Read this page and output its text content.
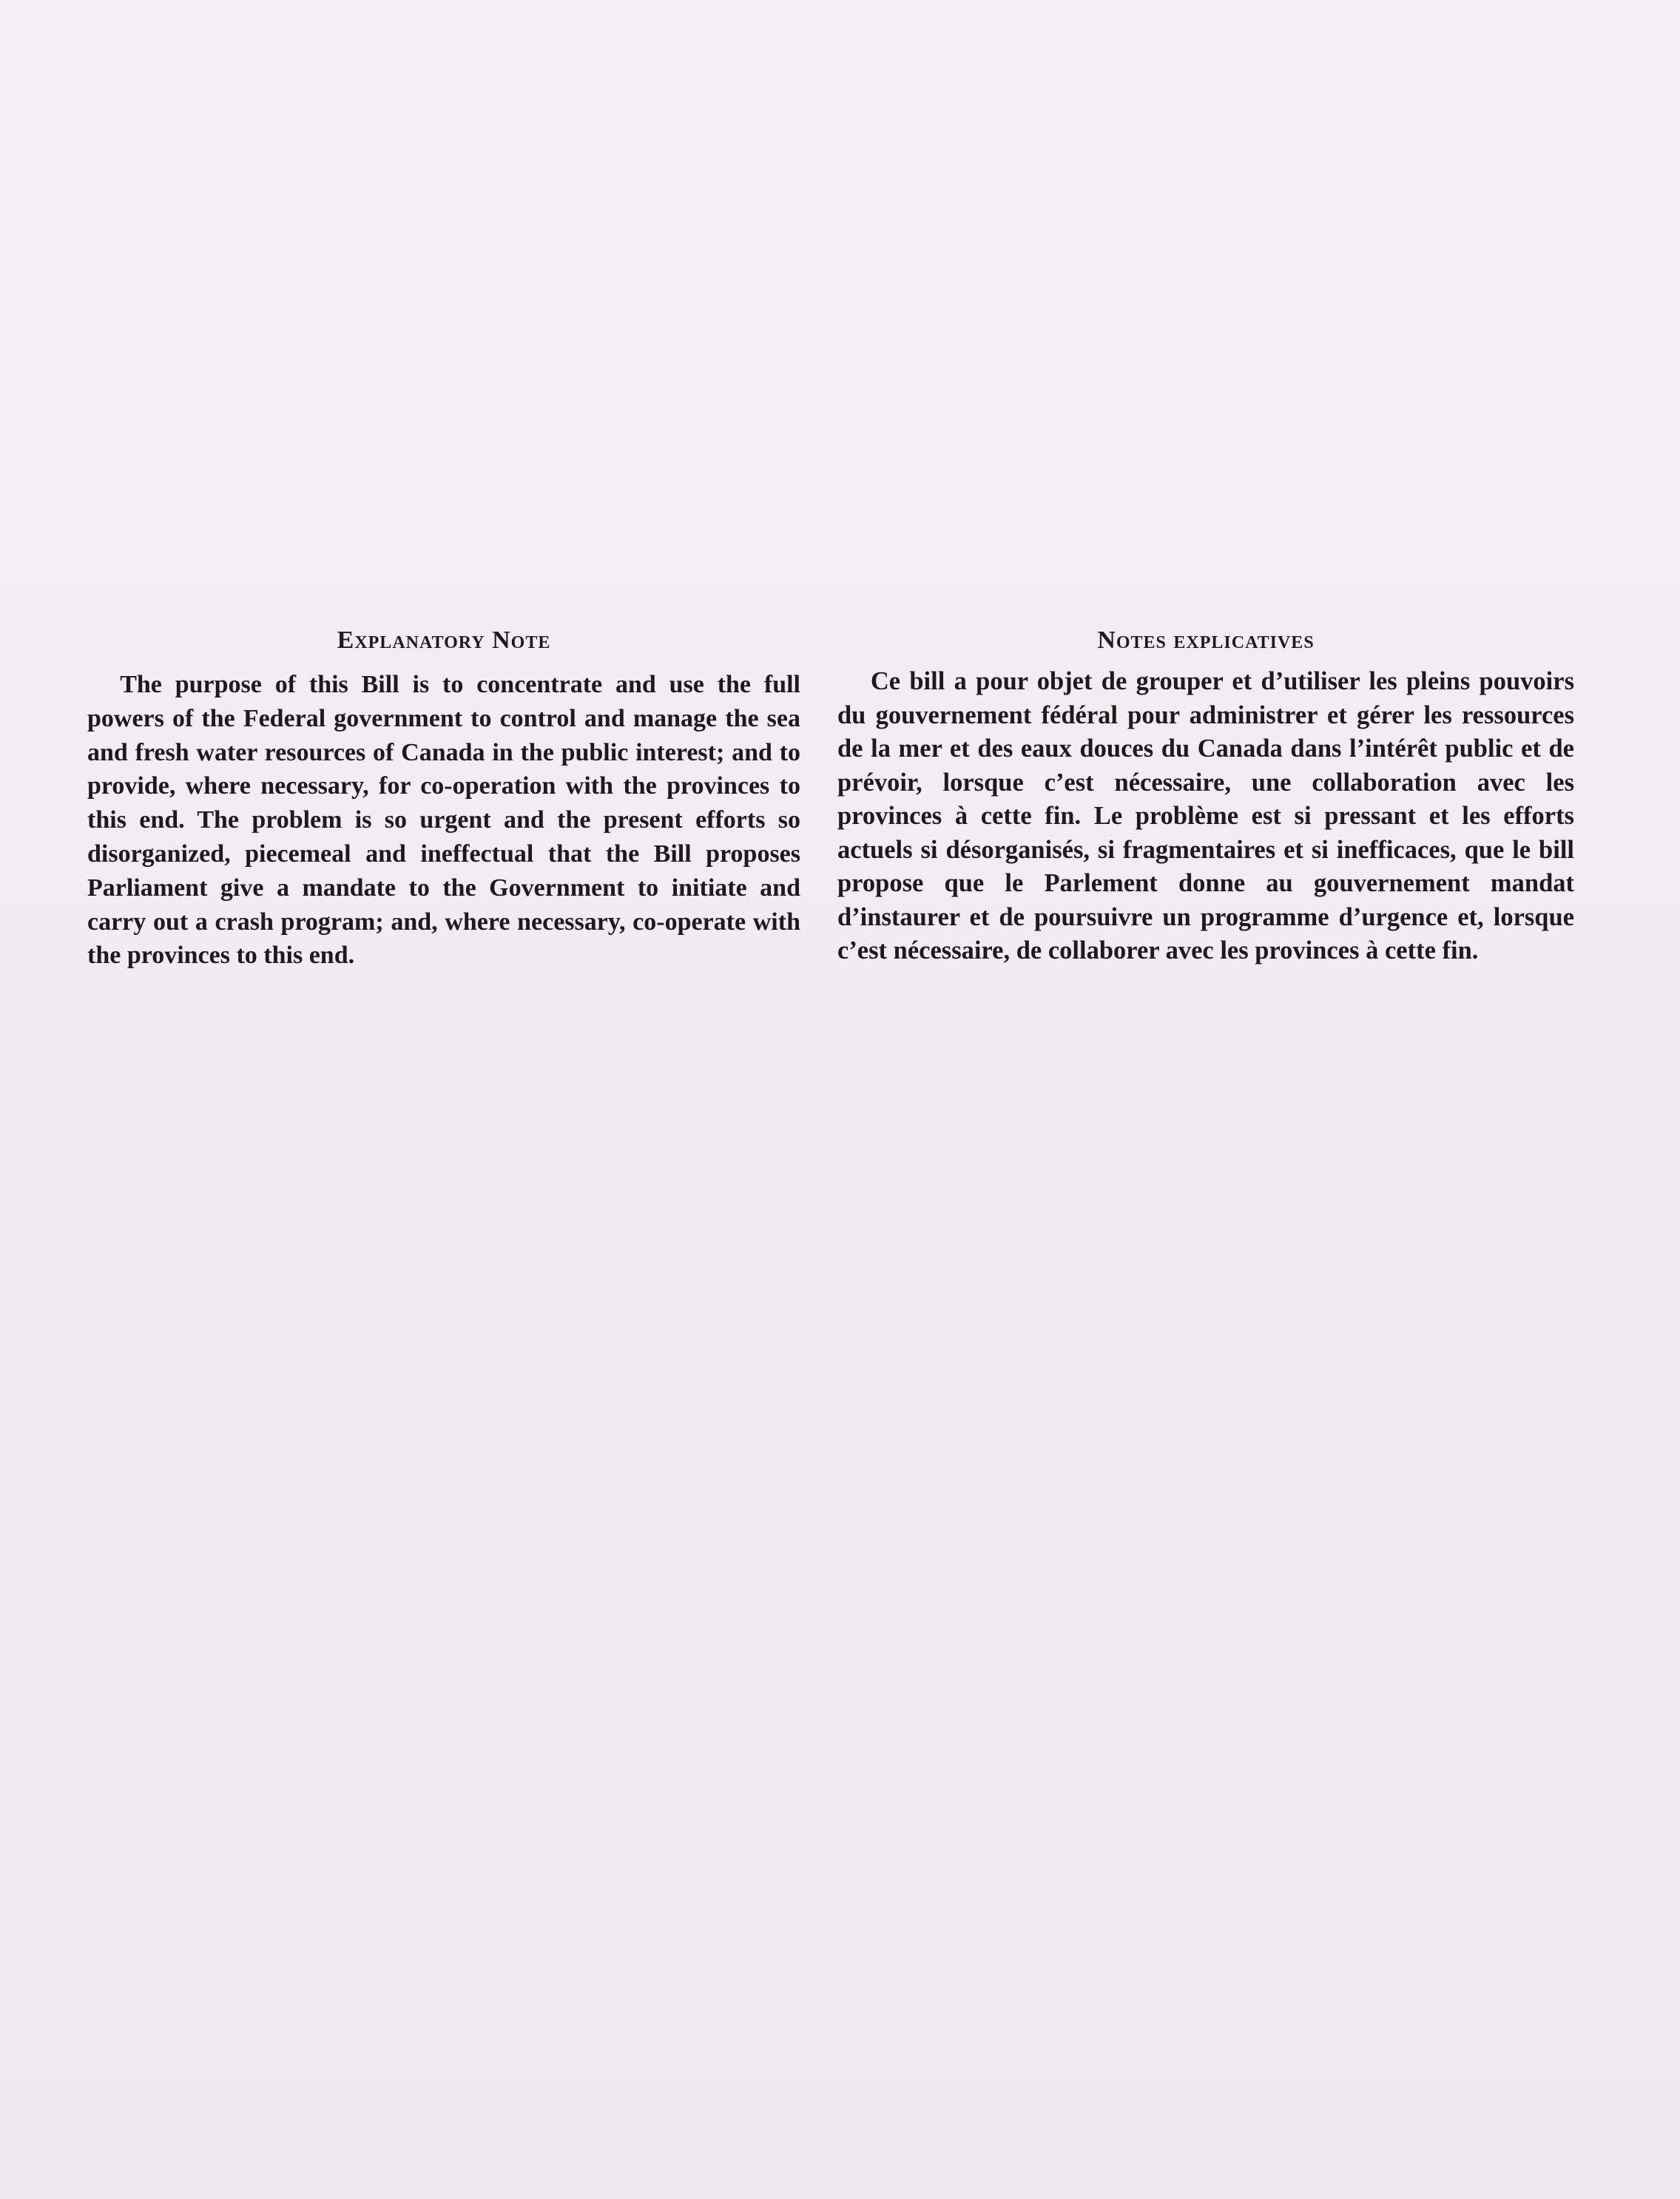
Explanatory Note

The purpose of this Bill is to concentrate and use the full powers of the Federal government to control and manage the sea and fresh water resources of Canada in the public interest; and to provide, where necessary, for co-operation with the provinces to this end. The problem is so urgent and the present efforts so disorganized, piecemeal and ineffectual that the Bill proposes Parliament give a mandate to the Government to initiate and carry out a crash program; and, where necessary, co-operate with the provinces to this end.

Notes explicatives

Ce bill a pour objet de grouper et d’utiliser les pleins pouvoirs du gouvernement fédéral pour administrer et gérer les ressources de la mer et des eaux douces du Canada dans l’intérêt public et de prévoir, lorsque c’est nécessaire, une collaboration avec les provinces à cette fin. Le problème est si pressant et les efforts actuels si désorganisés, si fragmentaires et si inefficaces, que le bill propose que le Parlement donne au gouvernement mandat d’instaurer et de poursuivre un programme d’urgence et, lorsque c’est nécessaire, de collaborer avec les provinces à cette fin.
